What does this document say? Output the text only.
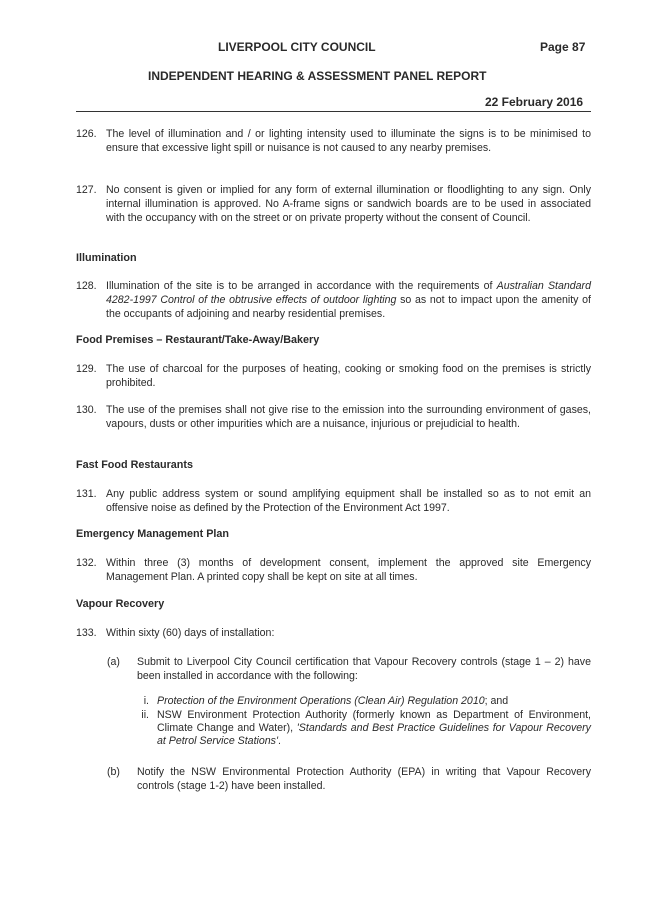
LIVERPOOL CITY COUNCIL	Page 87
INDEPENDENT HEARING & ASSESSMENT PANEL REPORT
22 February 2016
126. The level of illumination and / or lighting intensity used to illuminate the signs is to be minimised to ensure that excessive light spill or nuisance is not caused to any nearby premises.
127. No consent is given or implied for any form of external illumination or floodlighting to any sign. Only internal illumination is approved. No A-frame signs or sandwich boards are to be used in associated with the occupancy with on the street or on private property without the consent of Council.
Illumination
128. Illumination of the site is to be arranged in accordance with the requirements of Australian Standard 4282-1997 Control of the obtrusive effects of outdoor lighting so as not to impact upon the amenity of the occupants of adjoining and nearby residential premises.
Food Premises – Restaurant/Take-Away/Bakery
129. The use of charcoal for the purposes of heating, cooking or smoking food on the premises is strictly prohibited.
130. The use of the premises shall not give rise to the emission into the surrounding environment of gases, vapours, dusts or other impurities which are a nuisance, injurious or prejudicial to health.
Fast Food Restaurants
131. Any public address system or sound amplifying equipment shall be installed so as to not emit an offensive noise as defined by the Protection of the Environment Act 1997.
Emergency Management Plan
132. Within three (3) months of development consent, implement the approved site Emergency Management Plan. A printed copy shall be kept on site at all times.
Vapour Recovery
133. Within sixty (60) days of installation:
(a) Submit to Liverpool City Council certification that Vapour Recovery controls (stage 1 – 2) have been installed in accordance with the following:
i. Protection of the Environment Operations (Clean Air) Regulation 2010; and
ii. NSW Environment Protection Authority (formerly known as Department of Environment, Climate Change and Water), 'Standards and Best Practice Guidelines for Vapour Recovery at Petrol Service Stations'.
(b) Notify the NSW Environmental Protection Authority (EPA) in writing that Vapour Recovery controls (stage 1-2) have been installed.
